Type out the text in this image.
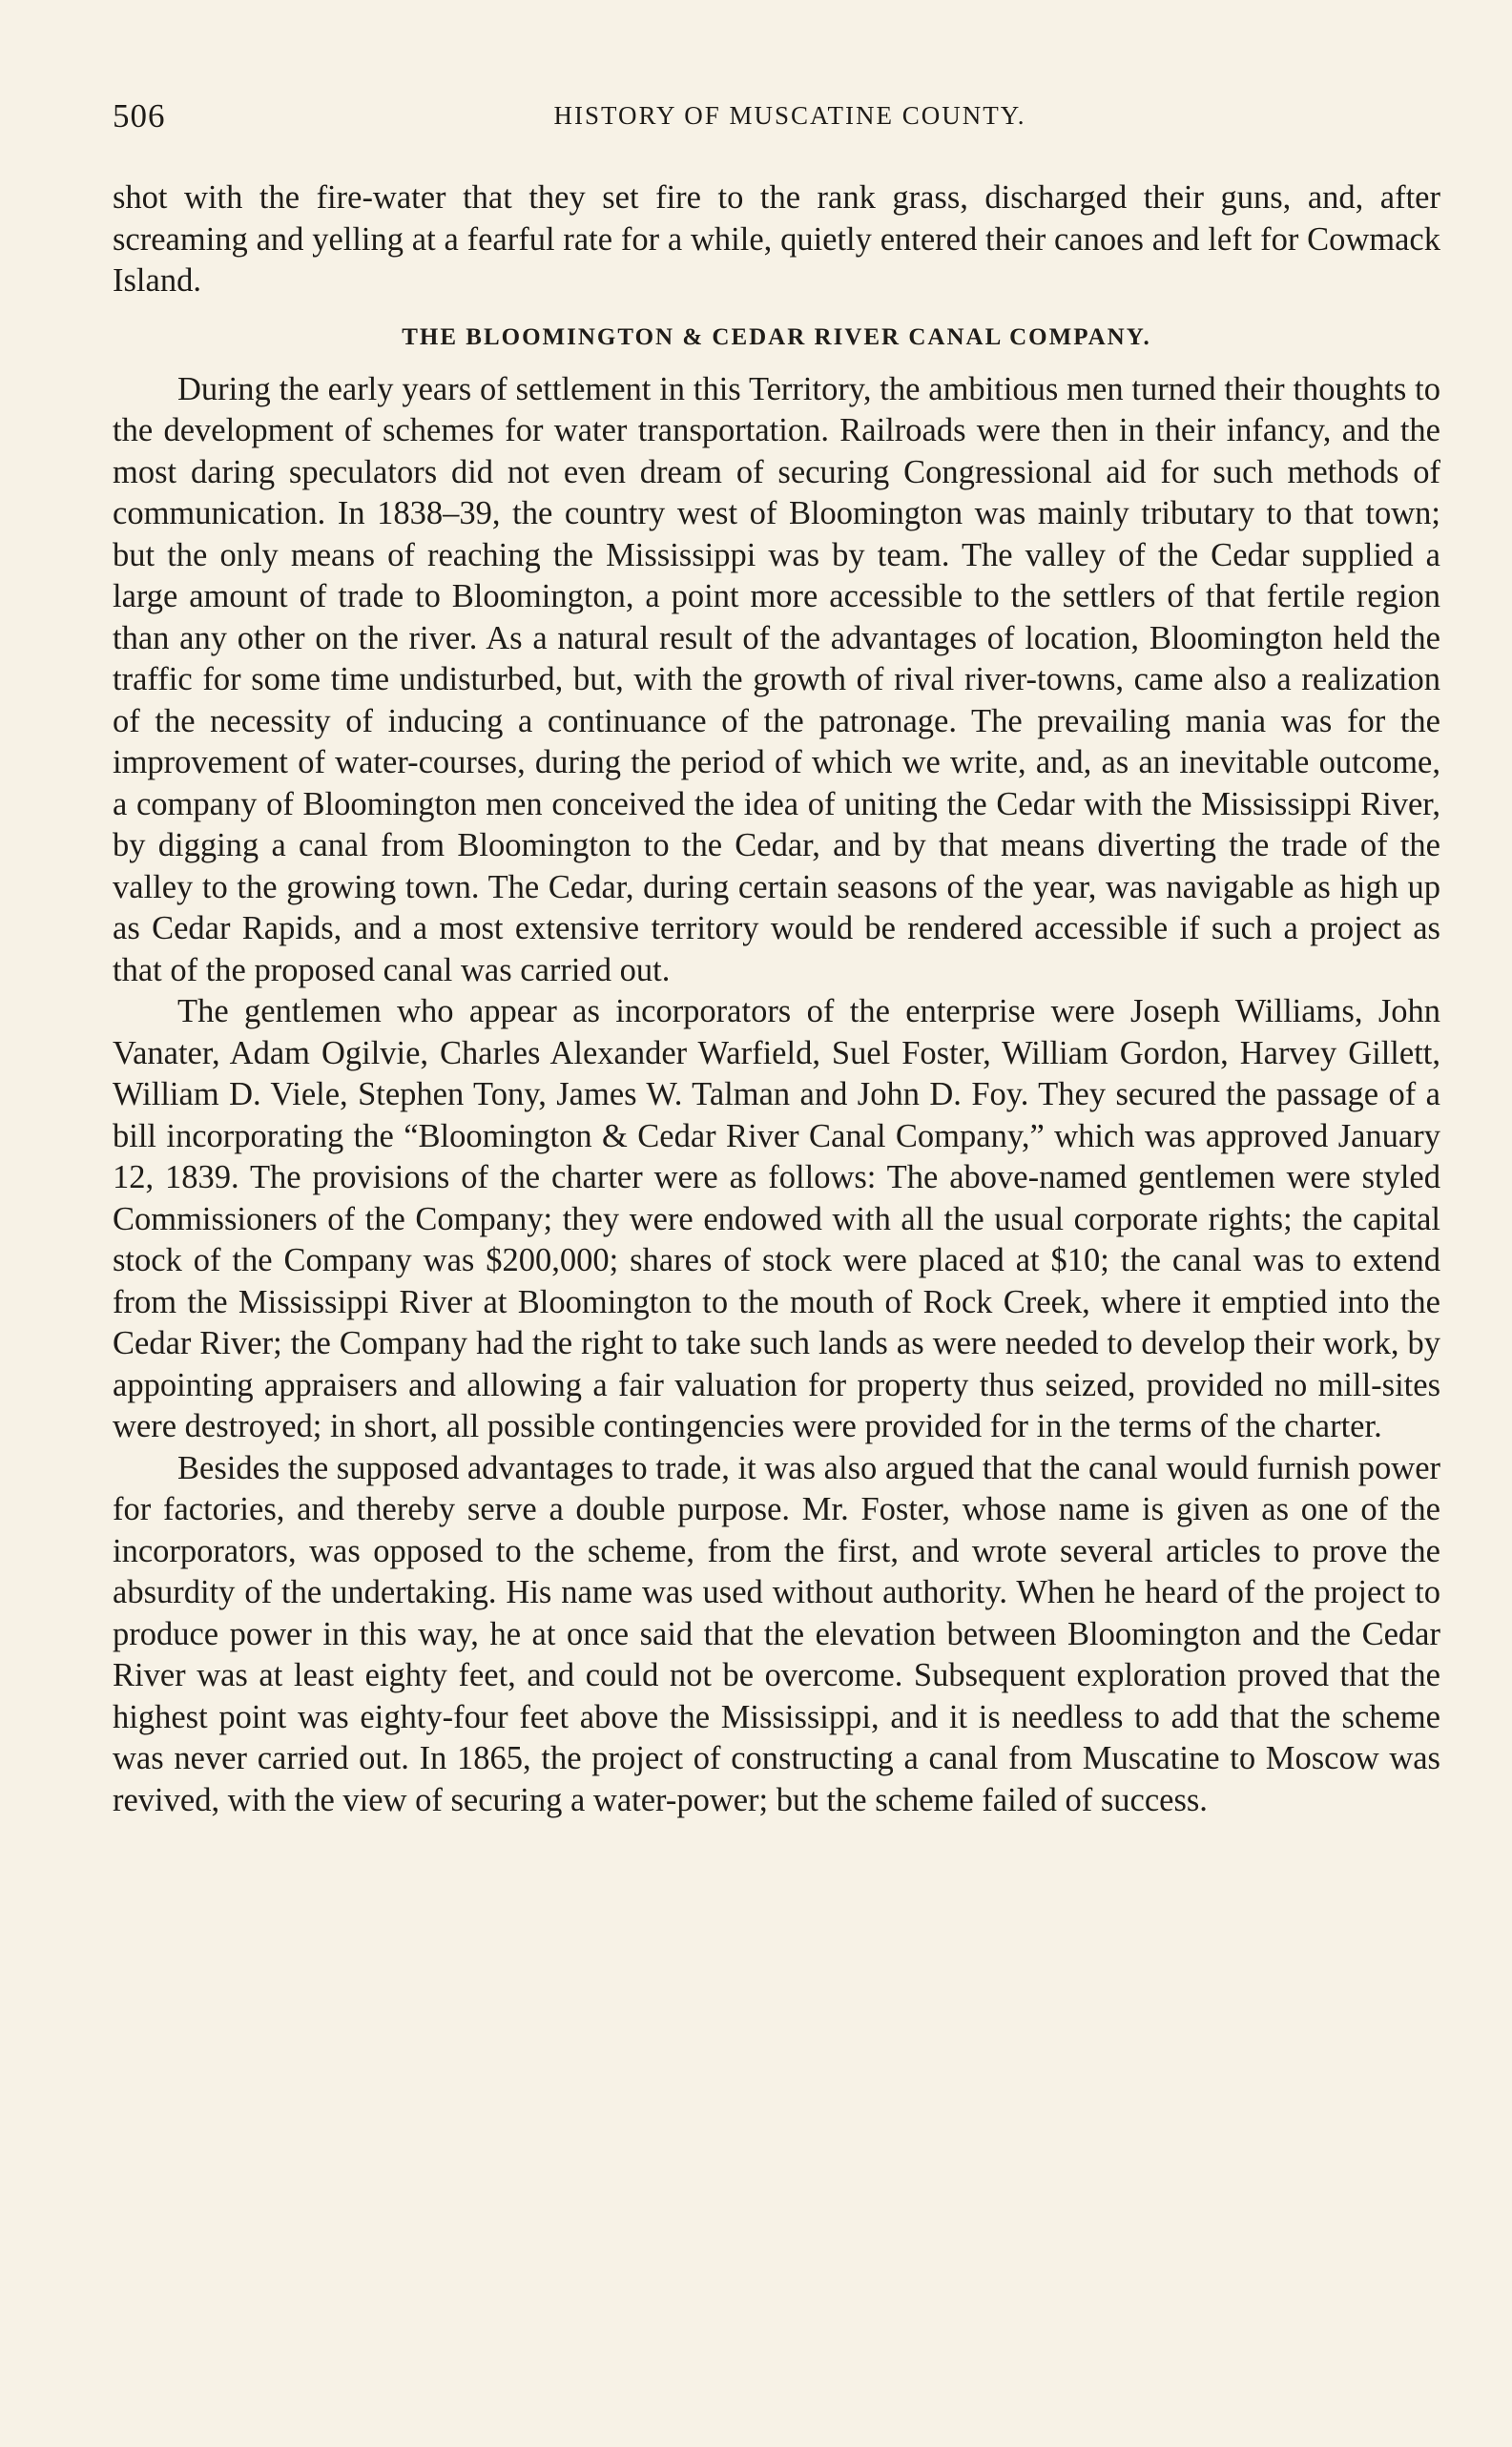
506	HISTORY OF MUSCATINE COUNTY.

shot with the fire-water that they set fire to the rank grass, discharged their guns, and, after screaming and yelling at a fearful rate for a while, quietly entered their canoes and left for Cowmack Island.

THE BLOOMINGTON & CEDAR RIVER CANAL COMPANY.

During the early years of settlement in this Territory, the ambitious men turned their thoughts to the development of schemes for water transportation. Railroads were then in their infancy, and the most daring speculators did not even dream of securing Congressional aid for such methods of communication. In 1838–39, the country west of Bloomington was mainly tributary to that town; but the only means of reaching the Mississippi was by team. The valley of the Cedar supplied a large amount of trade to Bloomington, a point more accessible to the settlers of that fertile region than any other on the river. As a natural result of the advantages of location, Bloomington held the traffic for some time undisturbed, but, with the growth of rival river-towns, came also a realization of the necessity of inducing a continuance of the patronage. The prevailing mania was for the improvement of water-courses, during the period of which we write, and, as an inevitable outcome, a company of Bloomington men conceived the idea of uniting the Cedar with the Mississippi River, by digging a canal from Bloomington to the Cedar, and by that means diverting the trade of the valley to the growing town. The Cedar, during certain seasons of the year, was navigable as high up as Cedar Rapids, and a most extensive territory would be rendered accessible if such a project as that of the proposed canal was carried out.

The gentlemen who appear as incorporators of the enterprise were Joseph Williams, John Vanater, Adam Ogilvie, Charles Alexander Warfield, Suel Foster, William Gordon, Harvey Gillett, William D. Viele, Stephen Tony, James W. Talman and John D. Foy. They secured the passage of a bill incorporating the “Bloomington & Cedar River Canal Company,” which was approved January 12, 1839. The provisions of the charter were as follows: The above-named gentlemen were styled Commissioners of the Company; they were endowed with all the usual corporate rights; the capital stock of the Company was $200,000; shares of stock were placed at $10; the canal was to extend from the Mississippi River at Bloomington to the mouth of Rock Creek, where it emptied into the Cedar River; the Company had the right to take such lands as were needed to develop their work, by appointing appraisers and allowing a fair valuation for property thus seized, provided no mill-sites were destroyed; in short, all possible contingencies were provided for in the terms of the charter.

Besides the supposed advantages to trade, it was also argued that the canal would furnish power for factories, and thereby serve a double purpose. Mr. Foster, whose name is given as one of the incorporators, was opposed to the scheme, from the first, and wrote several articles to prove the absurdity of the undertaking. His name was used without authority. When he heard of the project to produce power in this way, he at once said that the elevation between Bloomington and the Cedar River was at least eighty feet, and could not be overcome. Subsequent exploration proved that the highest point was eighty-four feet above the Mississippi, and it is needless to add that the scheme was never carried out. In 1865, the project of constructing a canal from Muscatine to Moscow was revived, with the view of securing a water-power; but the scheme failed of success.
